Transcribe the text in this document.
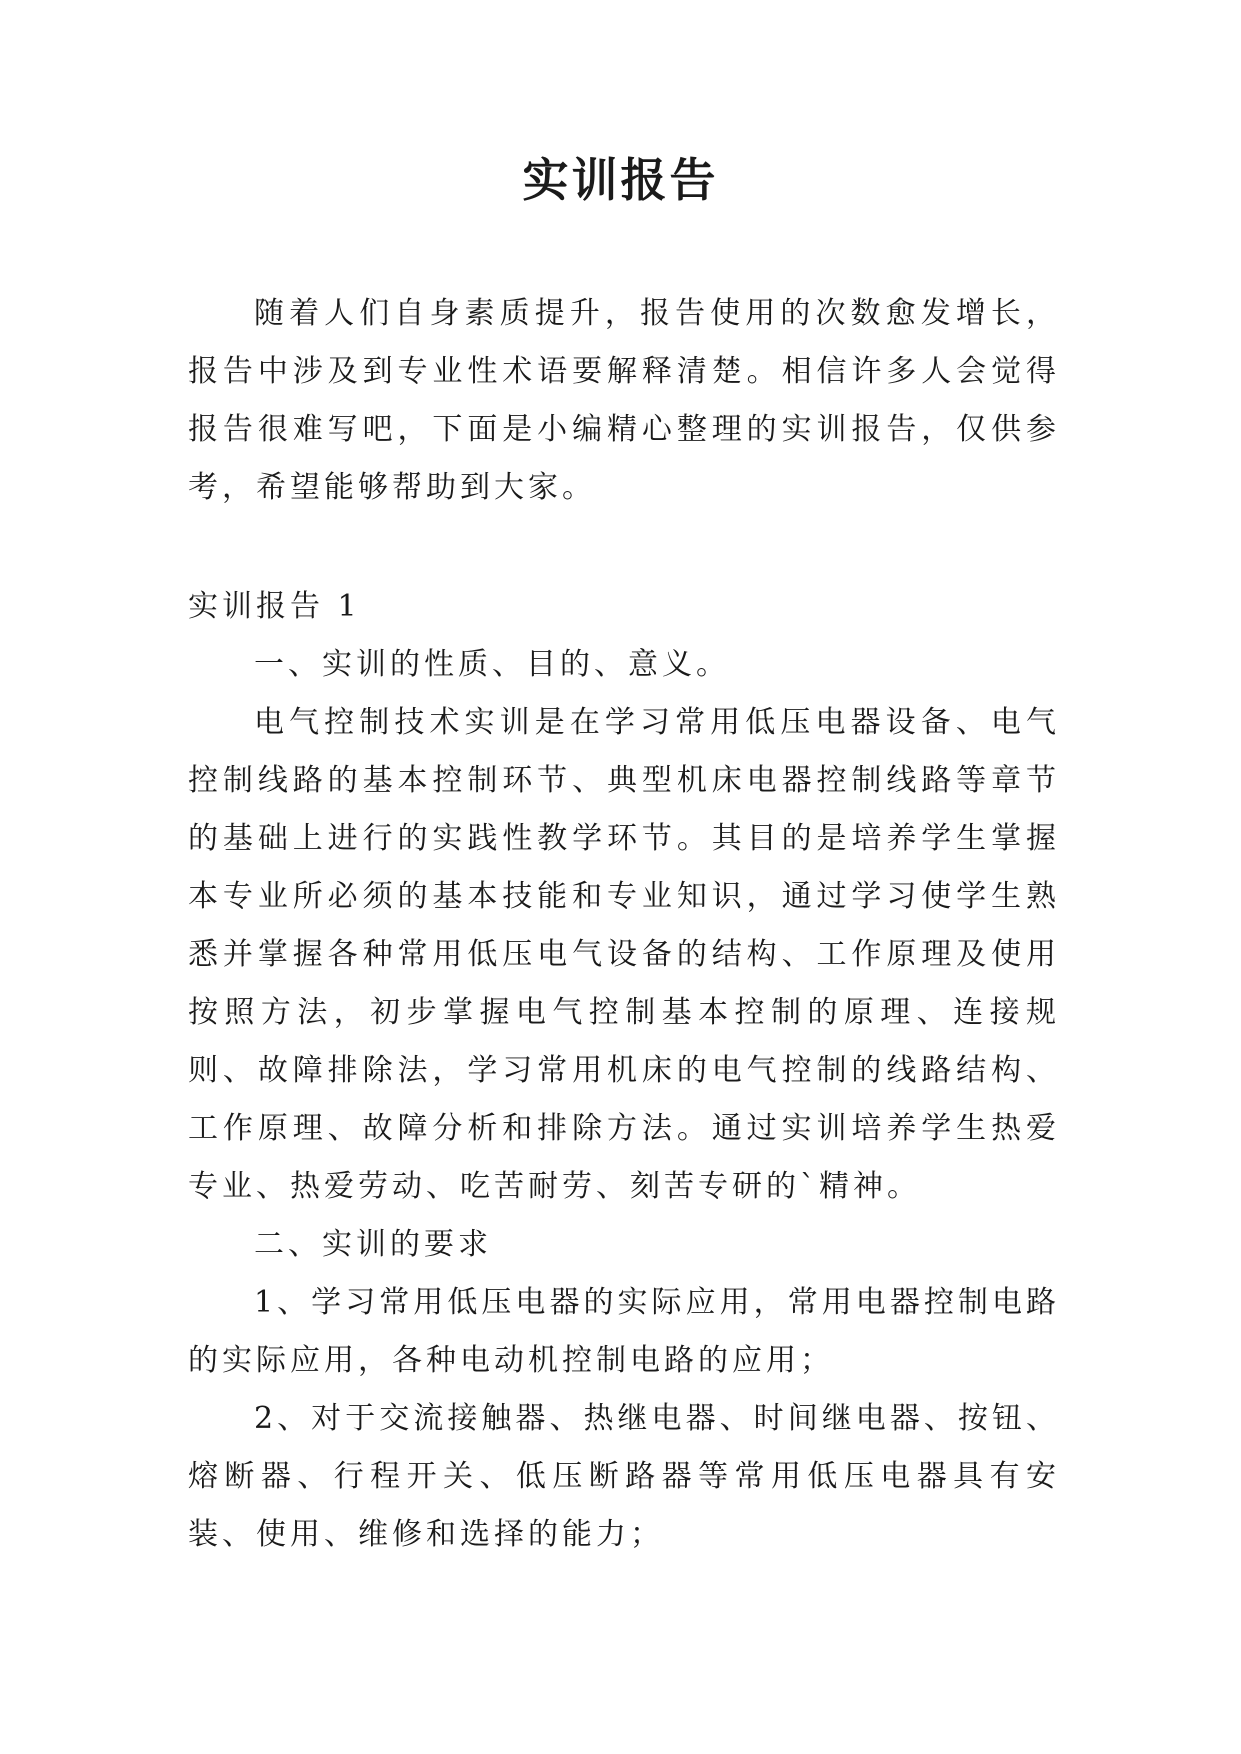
实训报告

随着人们自身素质提升，报告使用的次数愈发增长，报告中涉及到专业性术语要解释清楚。相信许多人会觉得报告很难写吧，下面是小编精心整理的实训报告，仅供参考，希望能够帮助到大家。

实训报告 1

一、实训的性质、目的、意义。

电气控制技术实训是在学习常用低压电器设备、电气控制线路的基本控制环节、典型机床电器控制线路等章节的基础上进行的实践性教学环节。其目的是培养学生掌握本专业所必须的基本技能和专业知识，通过学习使学生熟悉并掌握各种常用低压电气设备的结构、工作原理及使用按照方法，初步掌握电气控制基本控制的原理、连接规则、故障排除法，学习常用机床的电气控制的线路结构、工作原理、故障分析和排除方法。通过实训培养学生热爱专业、热爱劳动、吃苦耐劳、刻苦专研的`精神。

二、实训的要求

1、学习常用低压电器的实际应用，常用电器控制电路的实际应用，各种电动机控制电路的应用；

2、对于交流接触器、热继电器、时间继电器、按钮、熔断器、行程开关、低压断路器等常用低压电器具有安装、使用、维修和选择的能力；
